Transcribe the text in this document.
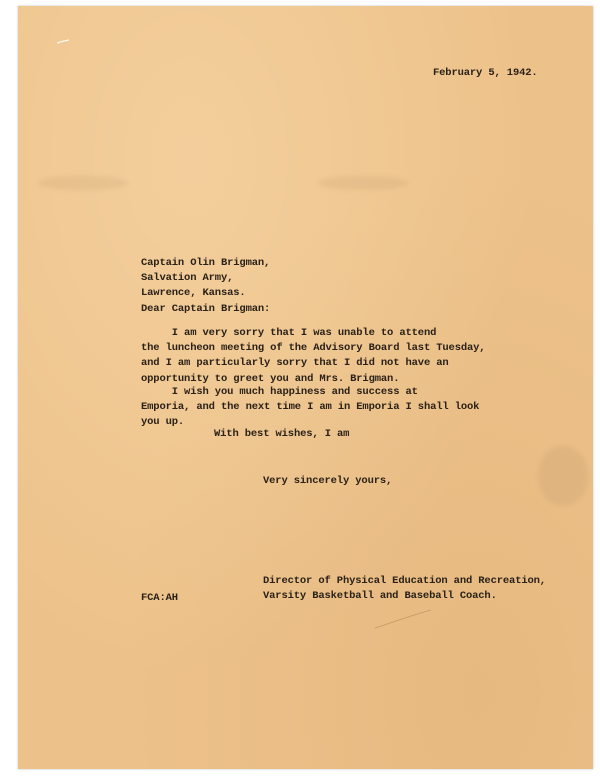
February 5, 1942.
Captain Olin Brigman,
Salvation Army,
Lawrence, Kansas.
Dear Captain Brigman:
I am very sorry that I was unable to attend
the luncheon meeting of the Advisory Board last Tuesday,
and I am particularly sorry that I did not have an
opportunity to greet you and Mrs. Brigman.
I wish you much happiness and success at
Emporia, and the next time I am in Emporia I shall look
you up.
With best wishes, I am
Very sincerely yours,
Director of Physical Education and Recreation,
Varsity Basketball and Baseball Coach.
FCA:AH
